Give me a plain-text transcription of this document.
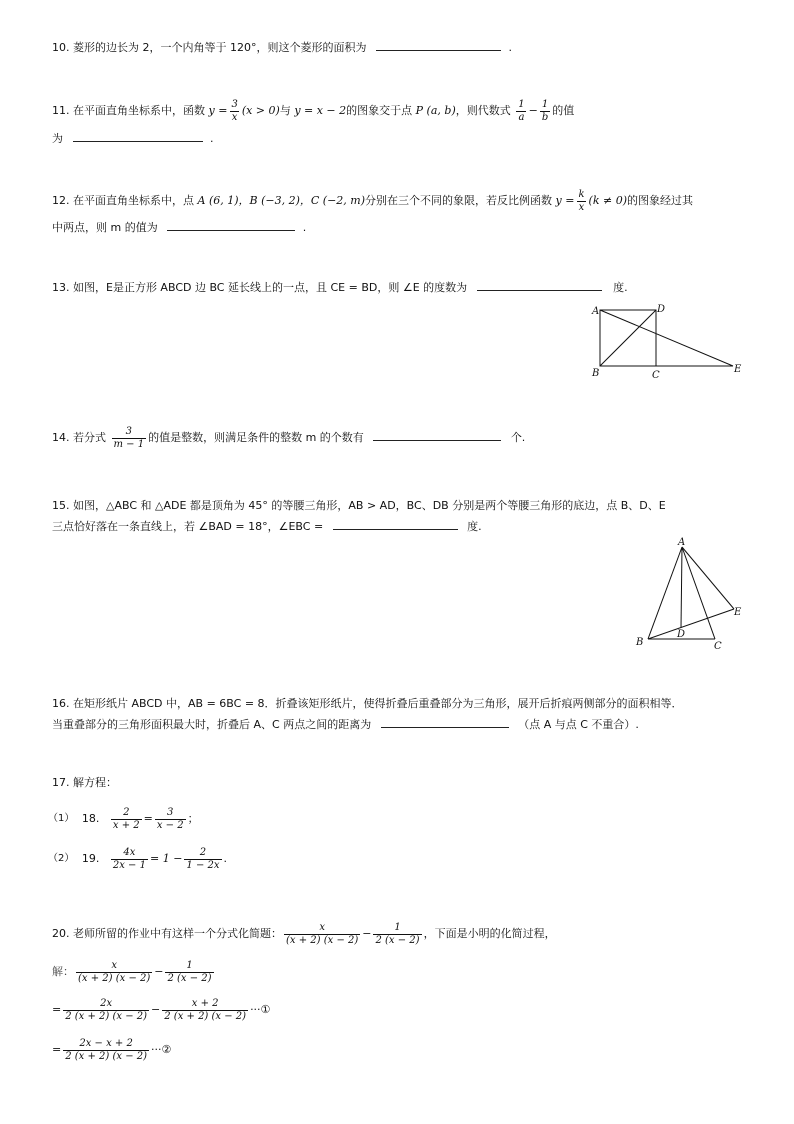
10. 菱形的边长为 2，一个内角等于 120°，则这个菱形的面积为	.
11. 在平面直角坐标系中，函数 $y = \frac{3}{x} (x > 0)$与 y = x − 2的图象交于点 P (a, b)，则代数式 $\frac{1}{a} - \frac{1}{b}$ 的值
为	.
12. 在平面直角坐标系中，点 A (6, 1)，B (−3, 2)，C (−2, m)分别在三个不同的象限，若反比例函数 $y = \frac{k}{x} (k \ne 0)$的图象经过其
中两点，则 m 的值为	.
13. 如图，E是正方形 ABCD 边 BC 延长线上的一点，且 CE = BD，则 ∠E 的度数为	度.
A	D
B	C
E
14. 若分式 $\frac{3}{m - 1}$ 的值是整数，则满足条件的整数 m 的个数有	个.
15. 如图，△ABC 和 △ADE 都是顶角为 45° 的等腰三角形，AB > AD，BC、DB 分别是两个等腰三角形的底边，点 B、D、E
三点恰好落在一条直线上，若 ∠BAD = 18°，∠EBC =	度.
A
B	C
D
E
16. 在矩形纸片 ABCD 中，AB = 6BC = 8．折叠该矩形纸片，使得折叠后重叠部分为三角形，展开后折痕两侧部分的面积相等．
当重叠部分的三角形面积最大时，折叠后 A、C 两点之间的距离为	（点 A 与点 C 不重合）.
17. 解方程：
（1） 18. $\frac{2}{x + 2} = \frac{3}{x - 2}$ ；
（2） 19. $\frac{4x}{2x - 1} = 1 - \frac{2}{1 - 2x}$ .
20. 老师所留的作业中有这样一个分式化简题： $\frac{x}{(x + 2) (x - 2)} - \frac{1}{2 (x - 2)}$ ，下面是小明的化简过程，
解： $\frac{x}{(x + 2) (x - 2)} - \frac{1}{2 (x - 2)}$
= $\frac{2x}{2 (x + 2) (x - 2)} - \frac{x + 2}{2 (x + 2) (x - 2)}$ ···①
= $\frac{2x - x + 2}{2 (x + 2) (x - 2)}$ ···②
